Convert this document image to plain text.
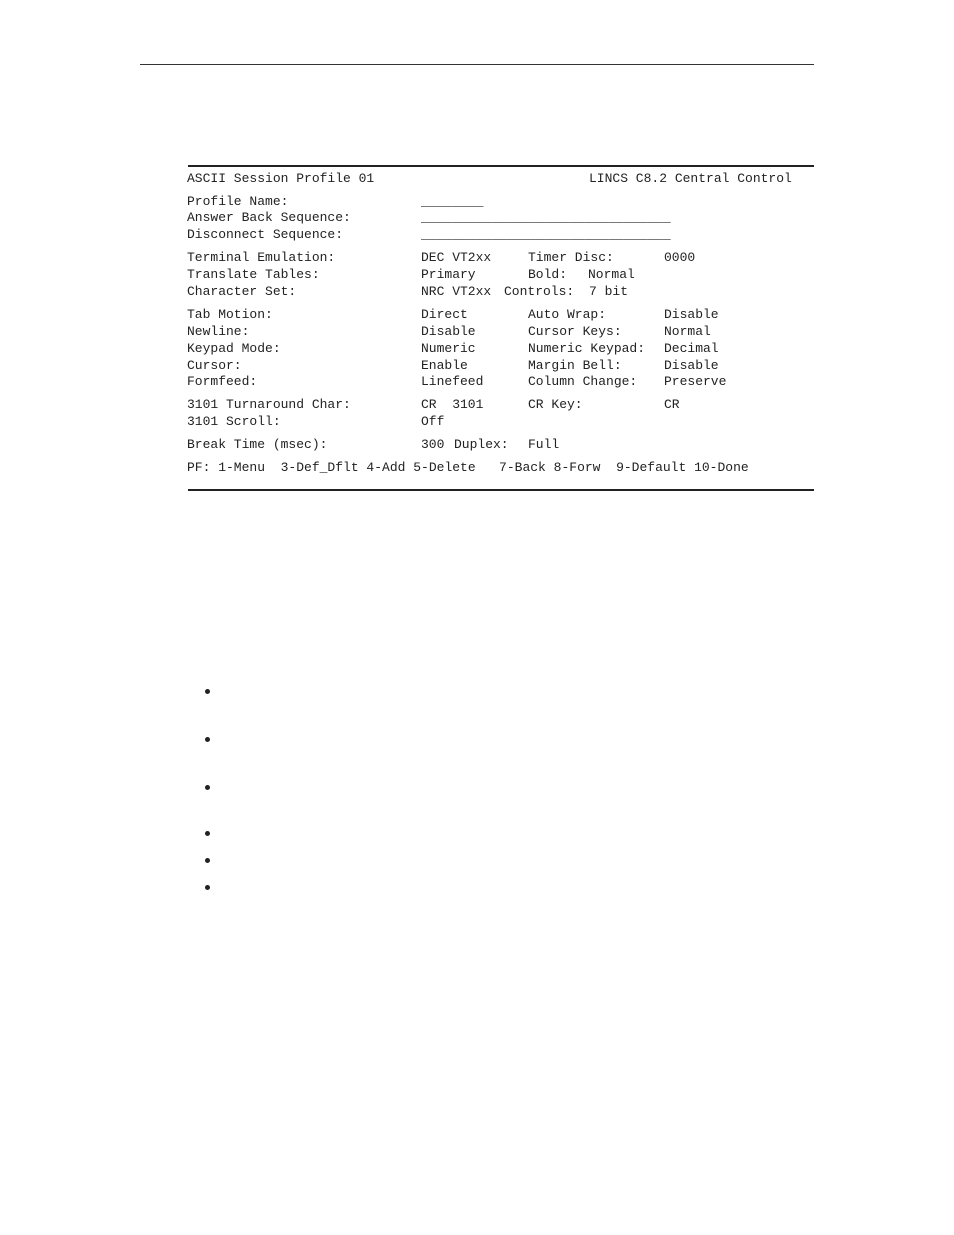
ASCII Session Profile 01	LINCS C8.2 Central Control
Profile Name:	________
Answer Back Sequence:	________________________________
Disconnect Sequence:	________________________________
Terminal Emulation:	DEC VT2xx	Timer Disc:	0000
Translate Tables:	Primary	Bold: Normal
Character Set:	NRC VT2xx Controls: 7 bit
Tab Motion:	Direct	Auto Wrap:	Disable
Newline:	Disable	Cursor Keys:	Normal
Keypad Mode:	Numeric	Numeric Keypad: Decimal
Cursor:	Enable	Margin Bell:	Disable
Formfeed:	Linefeed	Column Change: Preserve
3101 Turnaround Char:	CR  3101	CR Key:	CR
3101 Scroll:	Off
Break Time (msec):	300 Duplex: Full
PF: 1-Menu  3-Def_Dflt 4-Add 5-Delete   7-Back 8-Forw  9-Default 10-Done
